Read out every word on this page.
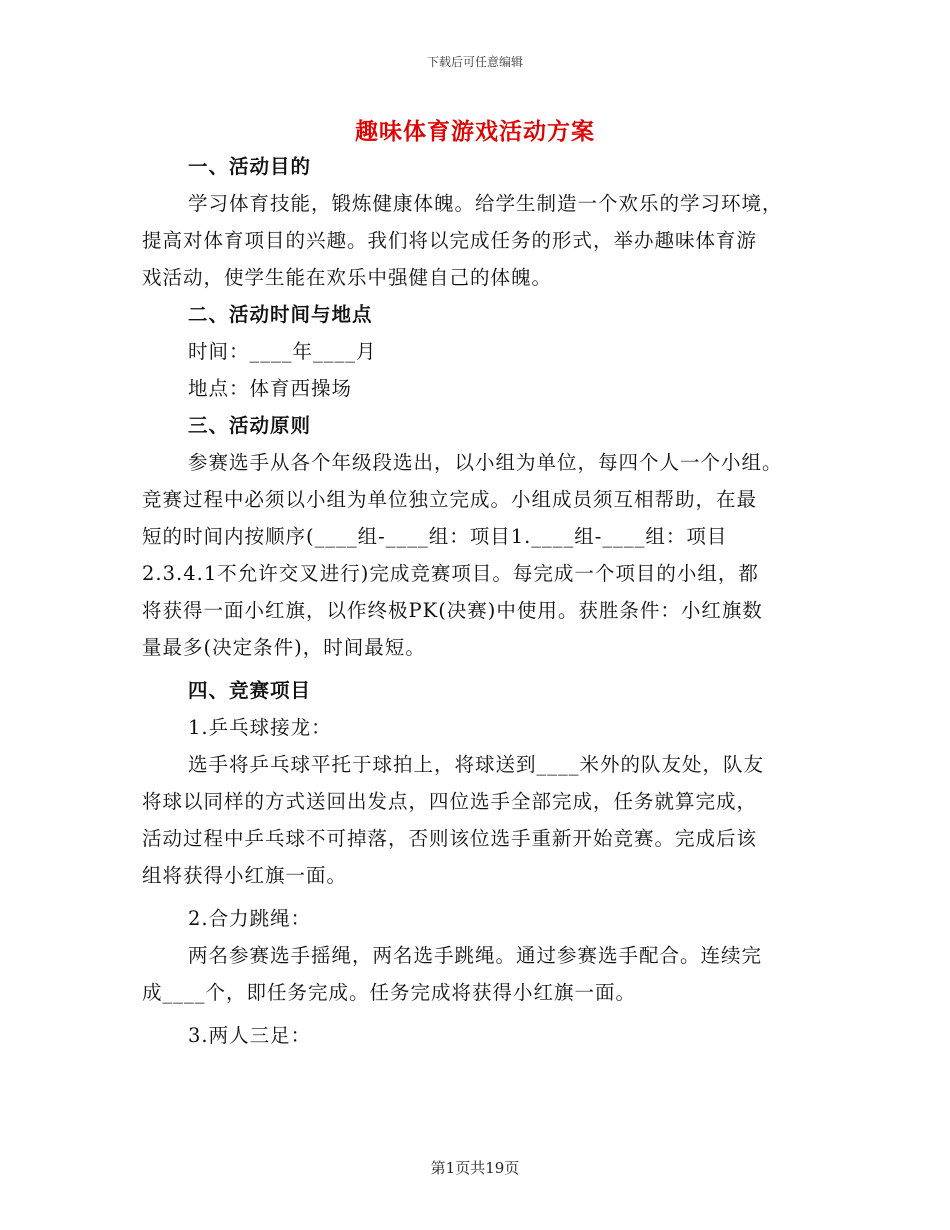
下载后可任意编辑
趣味体育游戏活动方案
一、活动目的
学习体育技能，锻炼健康体魄。给学生制造一个欢乐的学习环境，
提高对体育项目的兴趣。我们将以完成任务的形式，举办趣味体育游
戏活动，使学生能在欢乐中强健自己的体魄。
二、活动时间与地点
时间：____年____月
地点：体育西操场
三、活动原则
参赛选手从各个年级段选出，以小组为单位，每四个人一个小组。
竞赛过程中必须以小组为单位独立完成。小组成员须互相帮助，在最
短的时间内按顺序(____组-____组：项目1.____组-____组：项目
2.3.4.1不允许交叉进行)完成竞赛项目。每完成一个项目的小组，都
将获得一面小红旗，以作终极PK(决赛)中使用。获胜条件：小红旗数
量最多(决定条件)，时间最短。
四、竞赛项目
1.乒乓球接龙：
选手将乒乓球平托于球拍上，将球送到____米外的队友处，队友
将球以同样的方式送回出发点，四位选手全部完成，任务就算完成，
活动过程中乒乓球不可掉落，否则该位选手重新开始竞赛。完成后该
组将获得小红旗一面。
2.合力跳绳：
两名参赛选手摇绳，两名选手跳绳。通过参赛选手配合。连续完
成____个，即任务完成。任务完成将获得小红旗一面。
3.两人三足：
第1页共19页
